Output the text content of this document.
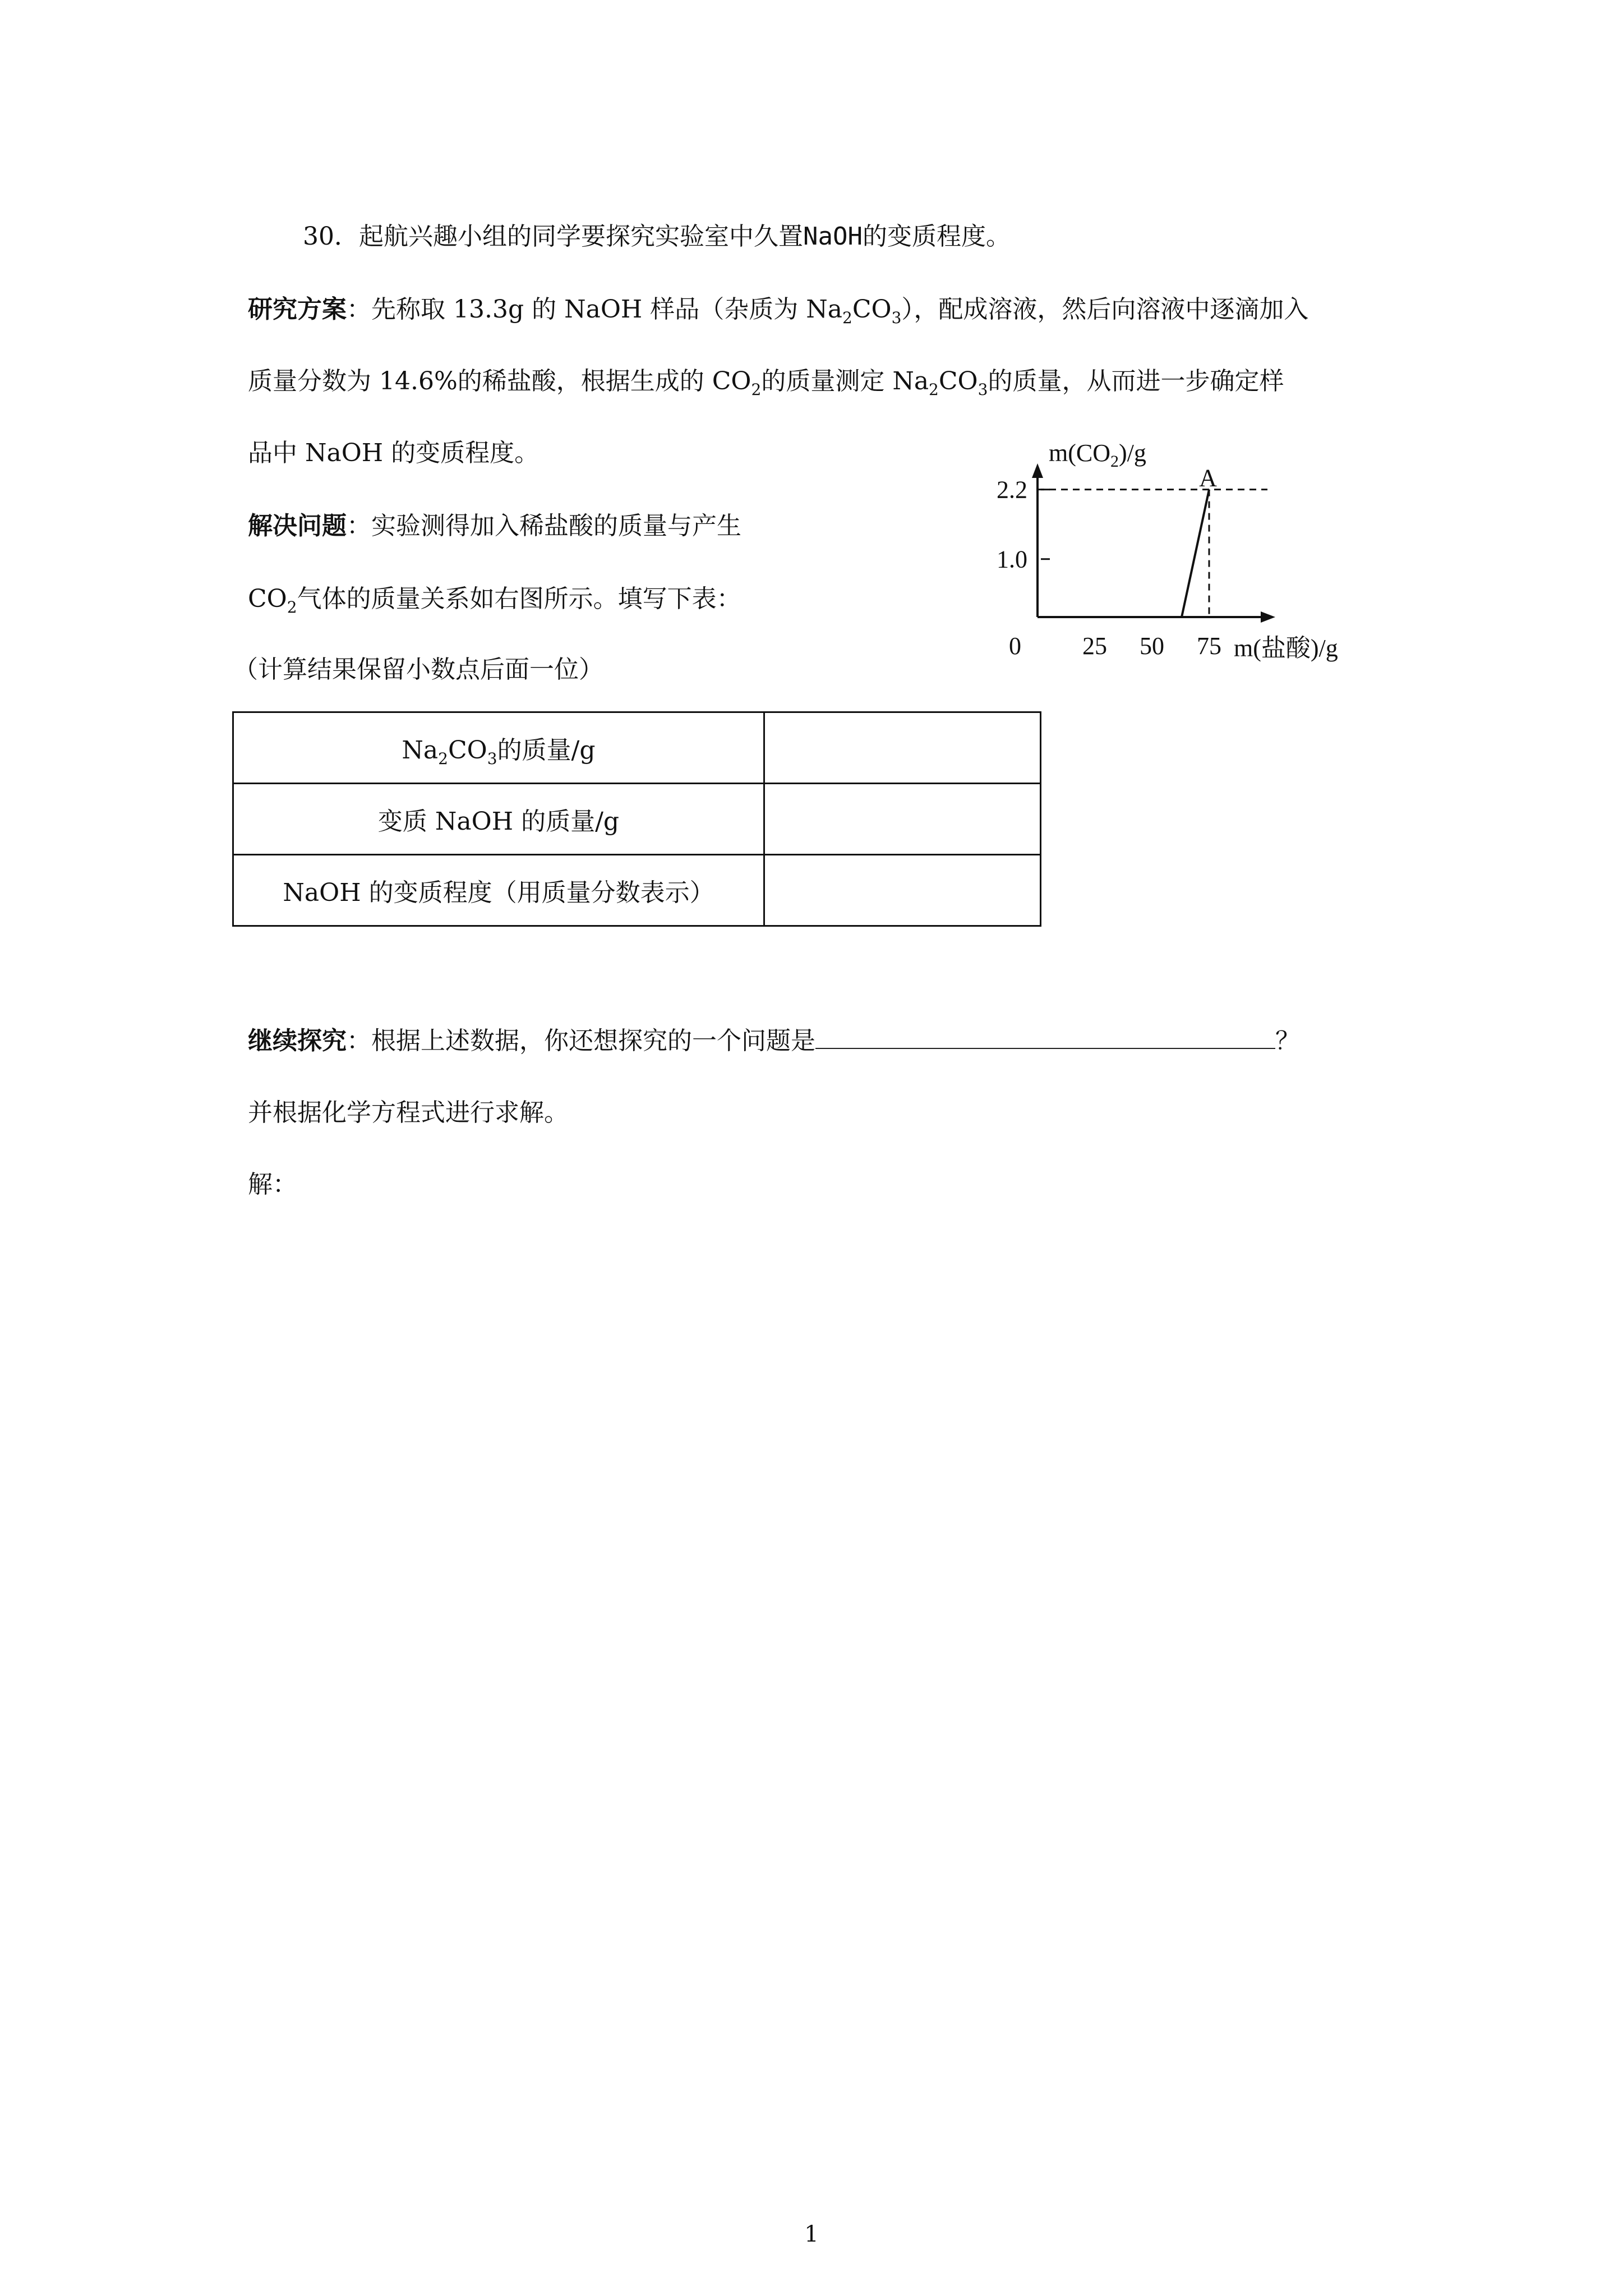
30．起航兴趣小组的同学要探究实验室中久置NaOH的变质程度。
研究方案：先称取 13.3g 的 NaOH 样品（杂质为 $Na_2CO_3$），配成溶液，然后向溶液中逐滴加入
质量分数为 14.6%的稀盐酸，根据生成的 $CO_2$的质量测定 $Na_2CO_3$的质量，从而进一步确定样
品中 NaOH 的变质程度。
解决问题：实验测得加入稀盐酸的质量与产生
$CO_2$气体的质量关系如右图所示。填写下表：
（计算结果保留小数点后面一位）
$m(CO_2)/g$
1.0
2.2
0 25 50 75 m(盐酸)/g
A
$Na_2CO_3$的质量/g	
变质 NaOH 的质量/g	
NaOH 的变质程度（用质量分数表示）	
继续探究：根据上述数据，你还想探究的一个问题是	？
并根据化学方程式进行求解。
解：
1
